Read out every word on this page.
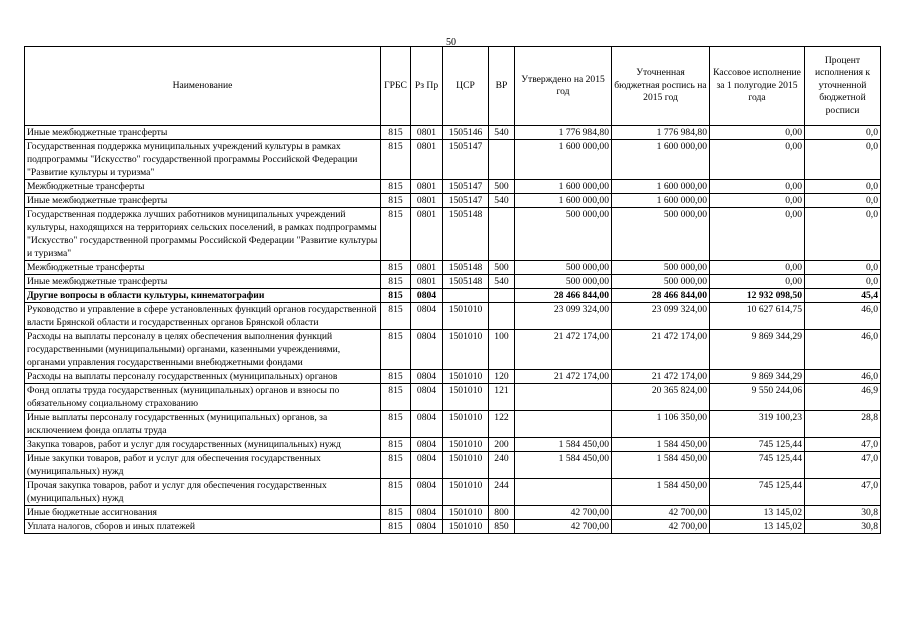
50
Наименование	ГРБС	Рз Пр	ЦСР	ВР	Утверждено на 2015 год	Уточненная бюджетная роспись на 2015 год	Кассовое исполнение за 1 полугодие 2015 года	Процент исполнения к уточненной бюджетной росписи
Иные межбюджетные трансферты	815	0801	1505146	540	1 776 984,80	1 776 984,80	0,00	0,0
Государственная поддержка муниципальных учреждений культуры в рамках подпрограммы "Искусство" государственной программы Российской Федерации "Развитие культуры и туризма"	815	0801	1505147		1 600 000,00	1 600 000,00	0,00	0,0
Межбюджетные трансферты	815	0801	1505147	500	1 600 000,00	1 600 000,00	0,00	0,0
Иные межбюджетные трансферты	815	0801	1505147	540	1 600 000,00	1 600 000,00	0,00	0,0
Государственная поддержка лучших работников муниципальных учреждений культуры, находящихся на территориях сельских поселений, в рамках подпрограммы "Искусство" государственной программы Российской Федерации "Развитие культуры и туризма"	815	0801	1505148		500 000,00	500 000,00	0,00	0,0
Межбюджетные трансферты	815	0801	1505148	500	500 000,00	500 000,00	0,00	0,0
Иные межбюджетные трансферты	815	0801	1505148	540	500 000,00	500 000,00	0,00	0,0
Другие вопросы в области культуры, кинематографии	815	0804			28 466 844,00	28 466 844,00	12 932 098,50	45,4
Руководство и управление в сфере установленных функций органов государственной власти Брянской области и государственных органов Брянской области	815	0804	1501010		23 099 324,00	23 099 324,00	10 627 614,75	46,0
Расходы на выплаты персоналу в целях обеспечения выполнения функций государственными (муниципальными) органами, казенными учреждениями, органами управления государственными внебюджетными фондами	815	0804	1501010	100	21 472 174,00	21 472 174,00	9 869 344,29	46,0
Расходы на выплаты персоналу государственных (муниципальных) органов	815	0804	1501010	120	21 472 174,00	21 472 174,00	9 869 344,29	46,0
Фонд оплаты труда государственных (муниципальных) органов и взносы по обязательному социальному страхованию	815	0804	1501010	121		20 365 824,00	9 550 244,06	46,9
Иные выплаты персоналу государственных (муниципальных) органов, за исключением фонда оплаты труда	815	0804	1501010	122		1 106 350,00	319 100,23	28,8
Закупка товаров, работ и услуг для государственных (муниципальных) нужд	815	0804	1501010	200	1 584 450,00	1 584 450,00	745 125,44	47,0
Иные закупки товаров, работ и услуг для обеспечения государственных (муниципальных) нужд	815	0804	1501010	240	1 584 450,00	1 584 450,00	745 125,44	47,0
Прочая закупка товаров, работ и услуг для обеспечения государственных (муниципальных) нужд	815	0804	1501010	244		1 584 450,00	745 125,44	47,0
Иные бюджетные ассигнования	815	0804	1501010	800	42 700,00	42 700,00	13 145,02	30,8
Уплата налогов, сборов и иных платежей	815	0804	1501010	850	42 700,00	42 700,00	13 145,02	30,8
